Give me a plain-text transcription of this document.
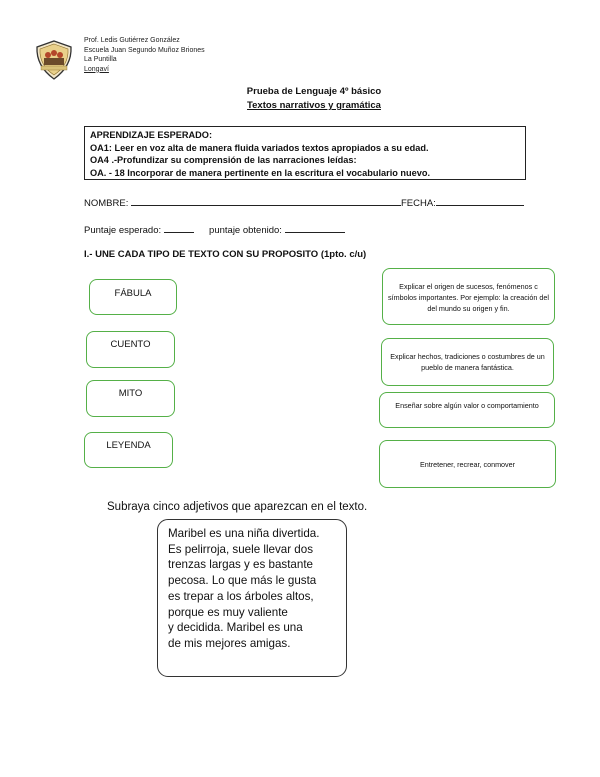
Prof. Ledis Gutiérrez González
Escuela Juan Segundo Muñoz Briones
La Puntilla
Longaví
Prueba de Lenguaje 4º básico
Textos narrativos y gramática
APRENDIZAJE ESPERADO:
OA1: Leer en voz alta de manera fluida variados textos apropiados a su edad.
OA4 .-Profundizar su comprensión de las narraciones leídas:
OA. - 18 Incorporar de manera pertinente en la escritura el vocabulario nuevo.
NOMBRE:	FECHA:
Puntaje esperado:	puntaje obtenido:
I.- UNE CADA TIPO DE TEXTO CON SU PROPOSITO (1pto. c/u)
FÁBULA
CUENTO
MITO
LEYENDA
Explicar el origen de sucesos, fenómenos c símbolos importantes. Por ejemplo: la creación del del mundo su origen y fin.
Explicar hechos, tradiciones o costumbres de un pueblo de manera fantástica.
Enseñar sobre algún valor o comportamiento
Entretener, recrear, conmover
Subraya cinco adjetivos que aparezcan en el texto.
Maribel es una niña divertida.
Es pelirroja, suele llevar dos
trenzas largas y es bastante
pecosa. Lo que más le gusta
es trepar a los árboles altos,
porque es muy valiente
y decidida. Maribel es una
de mis mejores amigas.
